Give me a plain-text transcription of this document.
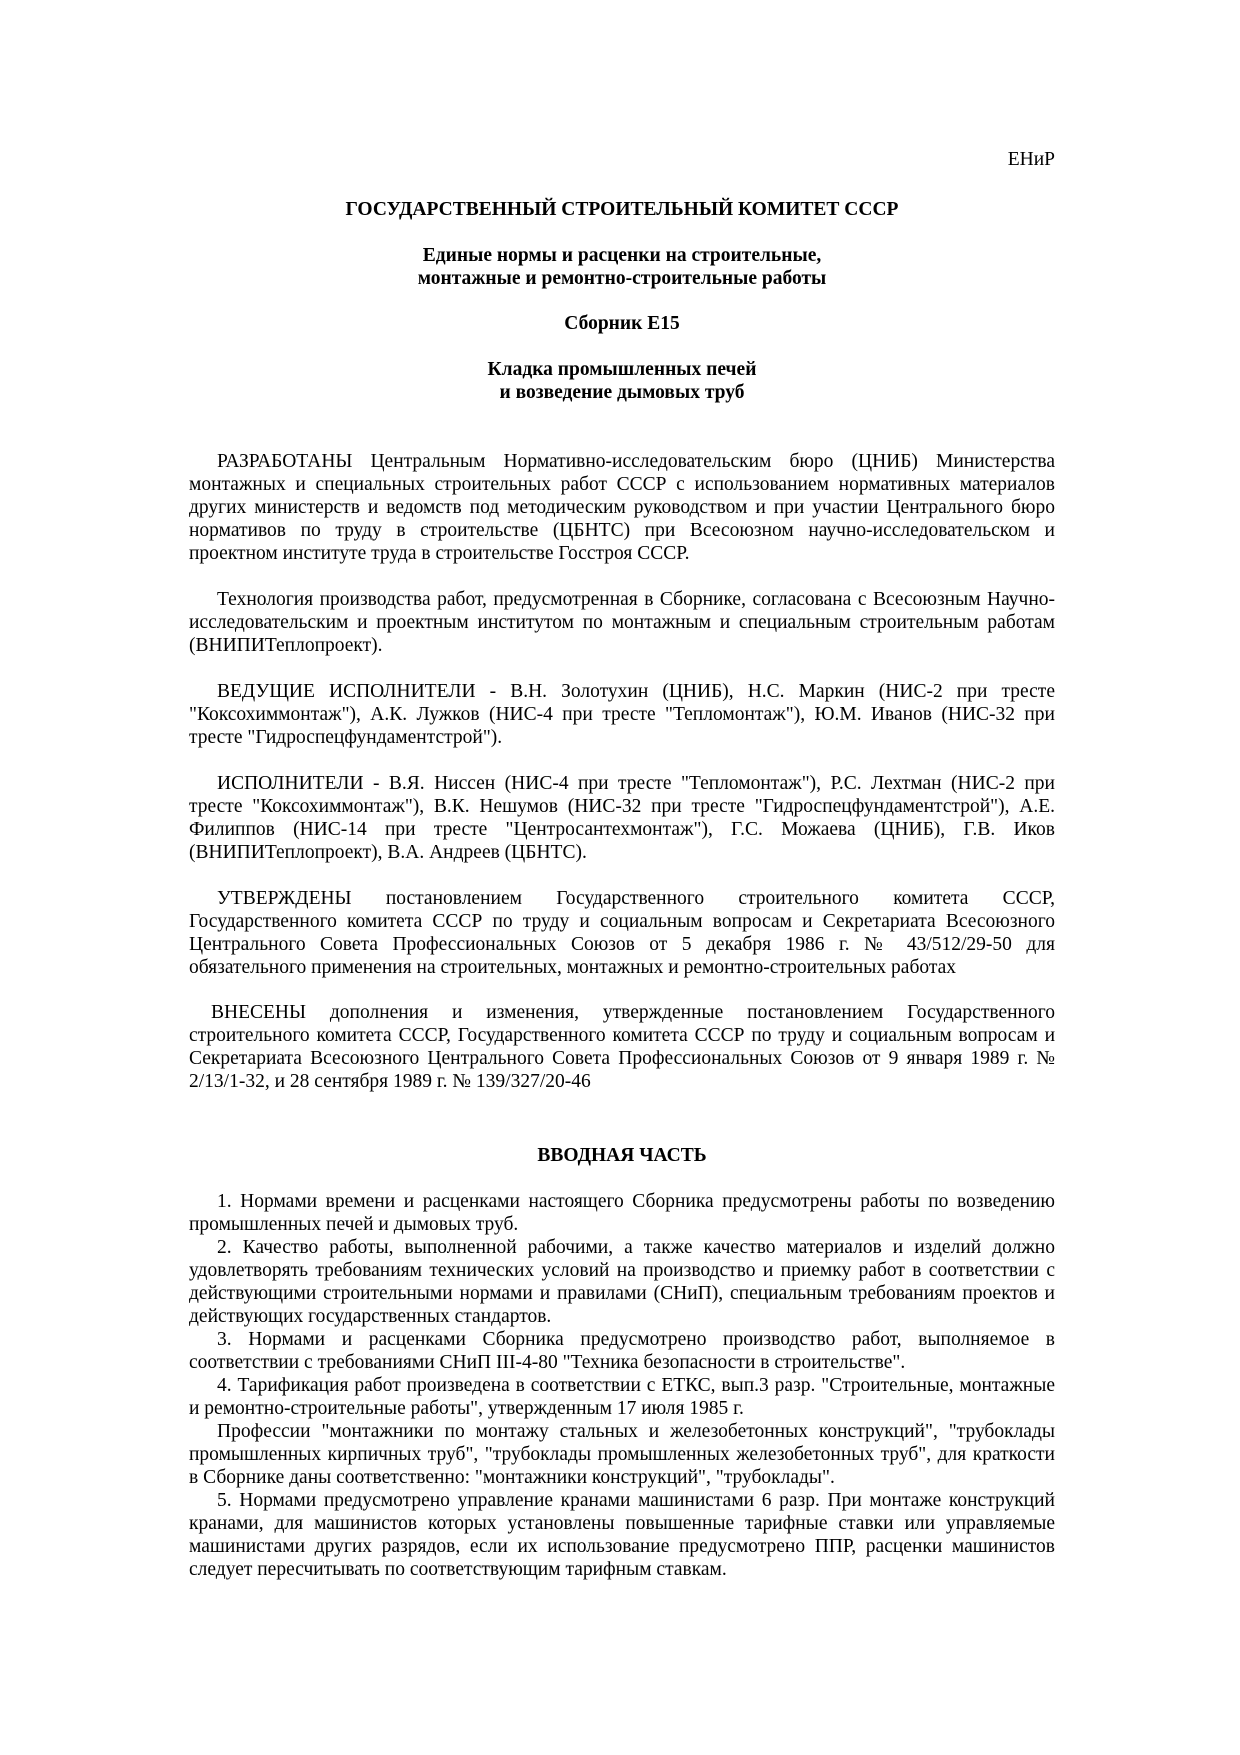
ЕНиР

ГОСУДАРСТВЕННЫЙ СТРОИТЕЛЬНЫЙ КОМИТЕТ СССР

Единые нормы и расценки на строительные,

монтажные и ремонтно-строительные работы

Сборник Е15

Кладка промышленных печей

и возведение дымовых труб

РАЗРАБОТАНЫ Центральным Нормативно-исследовательским бюро (ЦНИБ) Министерства монтажных и специальных строительных работ СССР с использованием нормативных материалов других министерств и ведомств под методическим руководством и при участии Центрального бюро нормативов по труду в строительстве (ЦБНТС) при Всесоюзном научно-исследовательском и проектном институте труда в строительстве Госстроя СССР.

Технология производства работ, предусмотренная в Сборнике, согласована с Всесоюзным Научно-исследовательским и проектным институтом по монтажным и специальным строительным работам (ВНИПИТеплопроект).

ВЕДУЩИЕ ИСПОЛНИТЕЛИ - В.Н. Золотухин (ЦНИБ), Н.С. Маркин (НИС-2 при тресте "Коксохиммонтаж"), А.К. Лужков (НИС-4 при тресте "Тепломонтаж"), Ю.М. Иванов (НИС-32 при тресте "Гидроспецфундаментстрой").

ИСПОЛНИТЕЛИ - В.Я. Ниссен (НИС-4 при тресте "Тепломонтаж"), Р.С. Лехтман (НИС-2 при тресте "Коксохиммонтаж"), В.К. Нешумов (НИС-32 при тресте "Гидроспецфундаментстрой"), А.Е. Филиппов (НИС-14 при тресте "Центросантехмонтаж"), Г.С. Можаева (ЦНИБ), Г.В. Иков (ВНИПИТеплопроект), В.А. Андреев (ЦБНТС).

УТВЕРЖДЕНЫ постановлением Государственного строительного комитета СССР, Государственного комитета СССР по труду и социальным вопросам и Секретариата Всесоюзного Центрального Совета Профессиональных Союзов от 5 декабря 1986 г. № 43/512/29-50 для обязательного применения на строительных, монтажных и ремонтно-строительных работах

ВНЕСЕНЫ дополнения и изменения, утвержденные постановлением Государственного строительного комитета СССР, Государственного комитета СССР по труду и социальным вопросам и Секретариата Всесоюзного Центрального Совета Профессиональных Союзов от 9 января 1989 г. № 2/13/1-32, и 28 сентября 1989 г. № 139/327/20-46

ВВОДНАЯ ЧАСТЬ

1. Нормами времени и расценками настоящего Сборника предусмотрены работы по возведению промышленных печей и дымовых труб.

2. Качество работы, выполненной рабочими, а также качество материалов и изделий должно удовлетворять требованиям технических условий на производство и приемку работ в соответствии с действующими строительными нормами и правилами (СНиП), специальным требованиям проектов и действующих государственных стандартов.

3. Нормами и расценками Сборника предусмотрено производство работ, выполняемое в соответствии с требованиями СНиП III-4-80 "Техника безопасности в строительстве".

4. Тарификация работ произведена в соответствии с ЕТКС, вып.3 разр. "Строительные, монтажные и ремонтно-строительные работы", утвержденным 17 июля 1985 г.

Профессии "монтажники по монтажу стальных и железобетонных конструкций", "трубоклады промышленных кирпичных труб", "трубоклады промышленных железобетонных труб", для краткости в Сборнике даны соответственно: "монтажники конструкций", "трубоклады".

5. Нормами предусмотрено управление кранами машинистами 6 разр. При монтаже конструкций кранами, для машинистов которых установлены повышенные тарифные ставки или управляемые машинистами других разрядов, если их использование предусмотрено ППР, расценки машинистов следует пересчитывать по соответствующим тарифным ставкам.
